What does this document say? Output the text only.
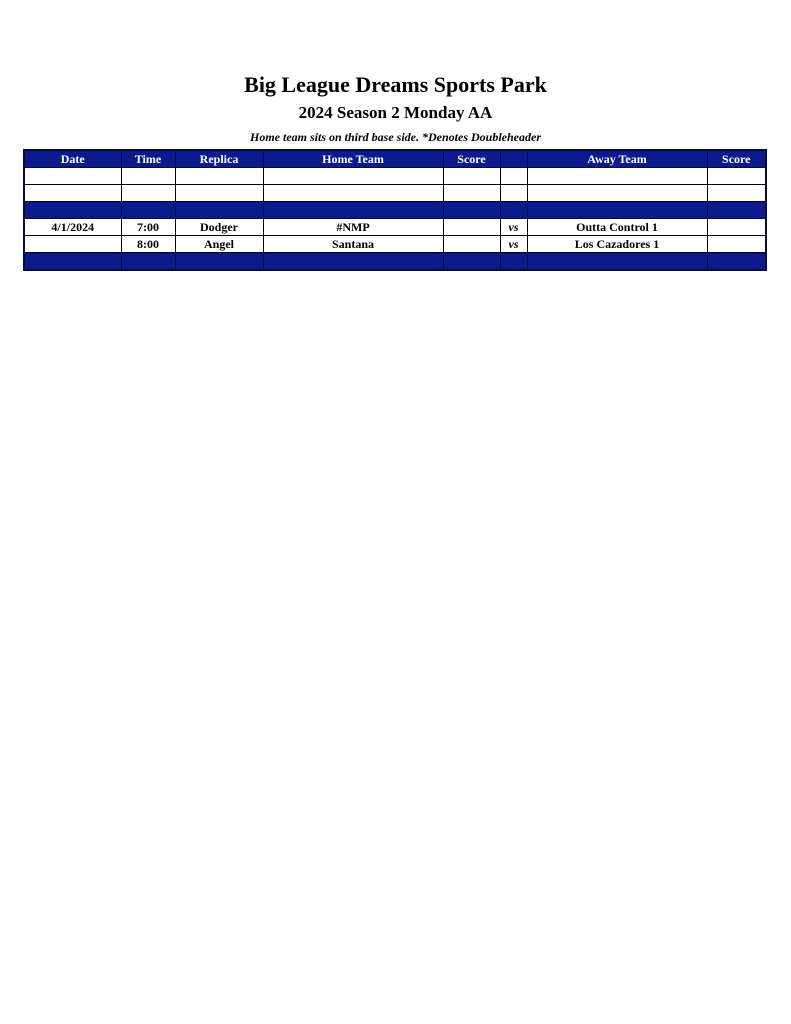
Big League Dreams Sports Park
2024 Season 2 Monday AA
Home team sits on third base side. *Denotes Doubleheader
Date	Time	Replica	Home Team	Score		Away Team	Score

4/1/2024	7:00	Dodger	#NMP		vs	Outta Control 1	
	8:00	Angel	Santana		vs	Los Cazadores 1	
